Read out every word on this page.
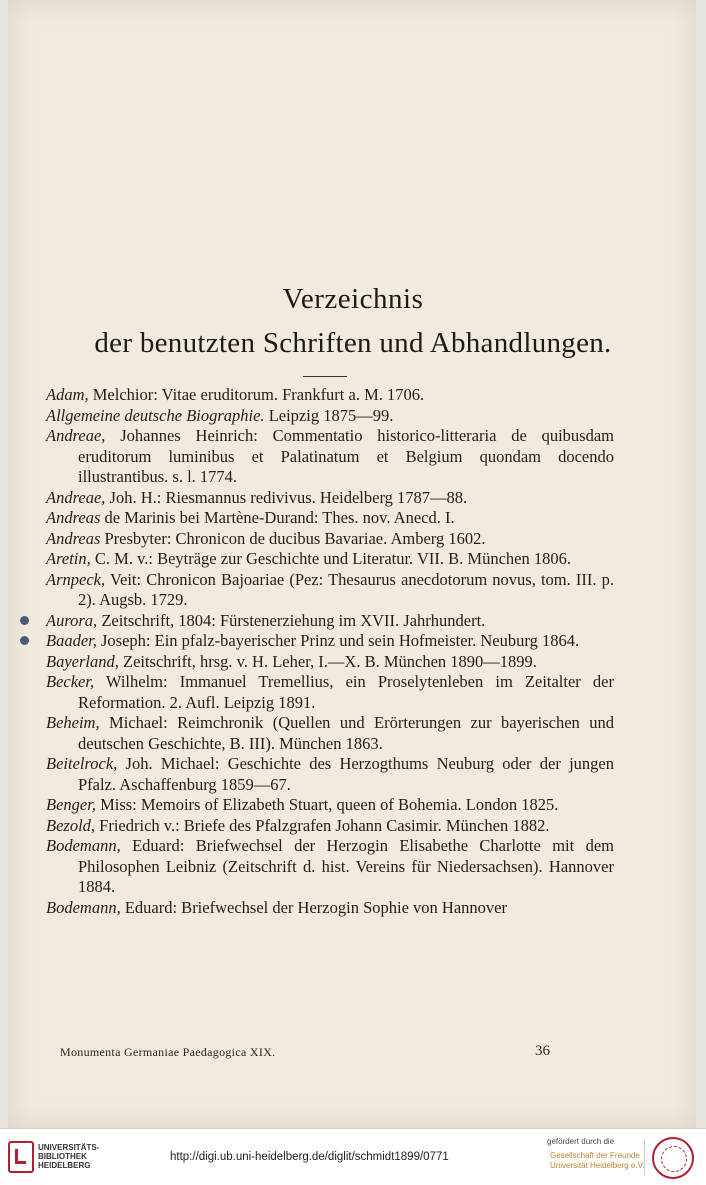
Verzeichnis
der benutzten Schriften und Abhandlungen.
Adam, Melchior: Vitae eruditorum. Frankfurt a. M. 1706.
Allgemeine deutsche Biographie. Leipzig 1875—99.
Andreae, Johannes Heinrich: Commentatio historico-litteraria de quibusdam eruditorum luminibus et Palatinatum et Belgium quondam docendo illustrantibus. s. l. 1774.
Andreae, Joh. H.: Riesmannus redivivus. Heidelberg 1787—88.
Andreas de Marinis bei Martène-Durand: Thes. nov. Anecd. I.
Andreas Presbyter: Chronicon de ducibus Bavariae. Amberg 1602.
Aretin, C. M. v.: Beyträge zur Geschichte und Literatur. VII. B. München 1806.
Arnpeck, Veit: Chronicon Bajoariae (Pez: Thesaurus anecdotorum novus, tom. III. p. 2). Augsb. 1729.
Aurora, Zeitschrift, 1804: Fürstenerziehung im XVII. Jahrhundert.
Baader, Joseph: Ein pfalz-bayerischer Prinz und sein Hofmeister. Neuburg 1864.
Bayerland, Zeitschrift, hrsg. v. H. Leher, I.—X. B. München 1890—1899.
Becker, Wilhelm: Immanuel Tremellius, ein Proselytenleben im Zeitalter der Reformation. 2. Aufl. Leipzig 1891.
Beheim, Michael: Reimchronik (Quellen und Erörterungen zur bayerischen und deutschen Geschichte, B. III). München 1863.
Beitelrock, Joh. Michael: Geschichte des Herzogthums Neuburg oder der jungen Pfalz. Aschaffenburg 1859—67.
Benger, Miss: Memoirs of Elizabeth Stuart, queen of Bohemia. London 1825.
Bezold, Friedrich v.: Briefe des Pfalzgrafen Johann Casimir. München 1882.
Bodemann, Eduard: Briefwechsel der Herzogin Elisabethe Charlotte mit dem Philosophen Leibniz (Zeitschrift d. hist. Vereins für Niedersachsen). Hannover 1884.
Bodemann, Eduard: Briefwechsel der Herzogin Sophie von Hannover
Monumenta Germaniae Paedagogica XIX.	36
UNIVERSITÄTS-
BIBLIOTHEK
HEIDELBERG
http://digi.ub.uni-heidelberg.de/diglit/schmidt1899/0771
gefördert durch die
Gesellschaft der Freunde
Universität Heidelberg e.V.
